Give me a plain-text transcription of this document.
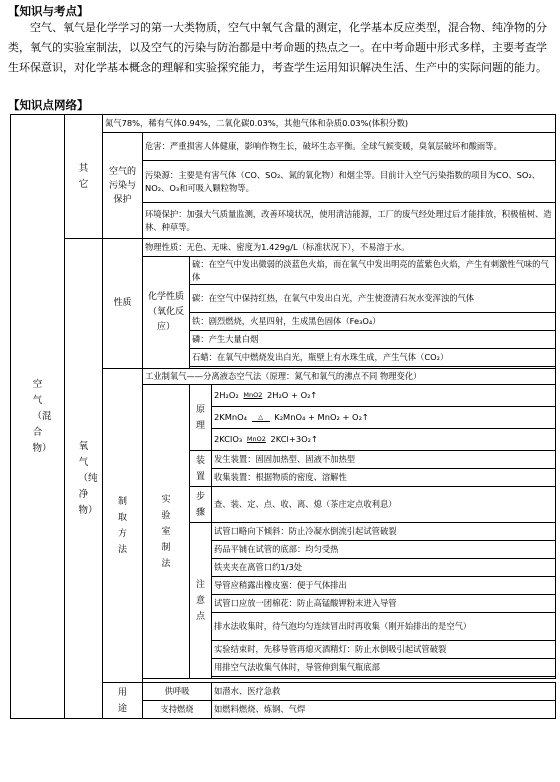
【知识与考点】
空气、氧气是化学学习的第一大类物质，空气中氧气含量的测定，化学基本反应类型，混合物、纯净物的分类，氧气的实验室制法，以及空气的污染与防治都是中考命题的热点之一。在中考命题中形式多样，主要考查学生环保意识，对化学基本概念的理解和实验探究能力，考查学生运用知识解决生活、生产中的实际问题的能力。
【知识点网络】
空气（混合物）	其它	氮气78%，稀有气体0.94%，二氧化碳0.03%，其他气体和杂质0.03%(体积分数)			
		空气的污染与保护	危害：严重损害人体健康，影响作物生长，破坏生态平衡。全球气候变暖，臭氧层破坏和酸雨等。		
			污染源：主要是有害气体（CO、SO₂、氮的氧化物）和烟尘等。目前计入空气污染指数的项目为CO、SO₂、NO₂、O₃和可吸入颗粒物等。		
			环境保护：加强大气质量监测，改善环境状况，使用清洁能源，工厂的废气经处理过后才能排放，积极植树、造林、种草等。		

	氧气（纯净物）	性质	物理性质：无色、无味、密度为1.429g/L（标准状况下），不易溶于水。		
			化学性质（氧化反应）	硫：在空气中发出微弱的淡蓝色火焰，而在氧气中发出明亮的蓝紫色火焰，产生有刺激性气味的气体	
				碳：在空气中保持红热，在氧气中发出白光，产生使澄清石灰水变浑浊的气体	
				铁：剧烈燃烧，火星四射，生成黑色固体（Fe₃O₄）	
				磷：产生大量白烟	
				石蜡：在氧气中燃烧发出白光，瓶壁上有水珠生成，产生气体（CO₂）	

		制取方法	工业制氧气——分离液态空气法（原理：氮气和氧气的沸点不同 物理变化）		

			实验室制法	原理	2H₂O₂ MnO2 2H₂O + O₂↑
					2KMnO₄ △ K₂MnO₄ + MnO₂ + O₂↑
					2KClO₃ MnO2 2KCl+3O₂↑

				装置	发生装置：固固加热型、固液不加热型
					收集装置：根据物质的密度、溶解性

				步骤	查、装、定、点、收、离、熄（茶庄定点收利息）

				注意点	试管口略向下倾斜：防止冷凝水倒流引起试管破裂
					药品平铺在试管的底部：均匀受热
					铁夹夹在离管口约1/3处
					导管应稍露出橡皮塞：便于气体排出
					试管口应放一团棉花：防止高锰酸钾粉末进入导管
					排水法收集时，待气泡均匀连续冒出时再收集（刚开始排出的是空气）
					实验结束时，先移导管再熄灭酒精灯：防止水倒吸引起试管破裂
					用排空气法收集气体时，导管伸到集气瓶底部

		用途	供呼吸		如潜水、医疗急救
			支持燃烧		如燃料燃烧、炼钢、气焊
